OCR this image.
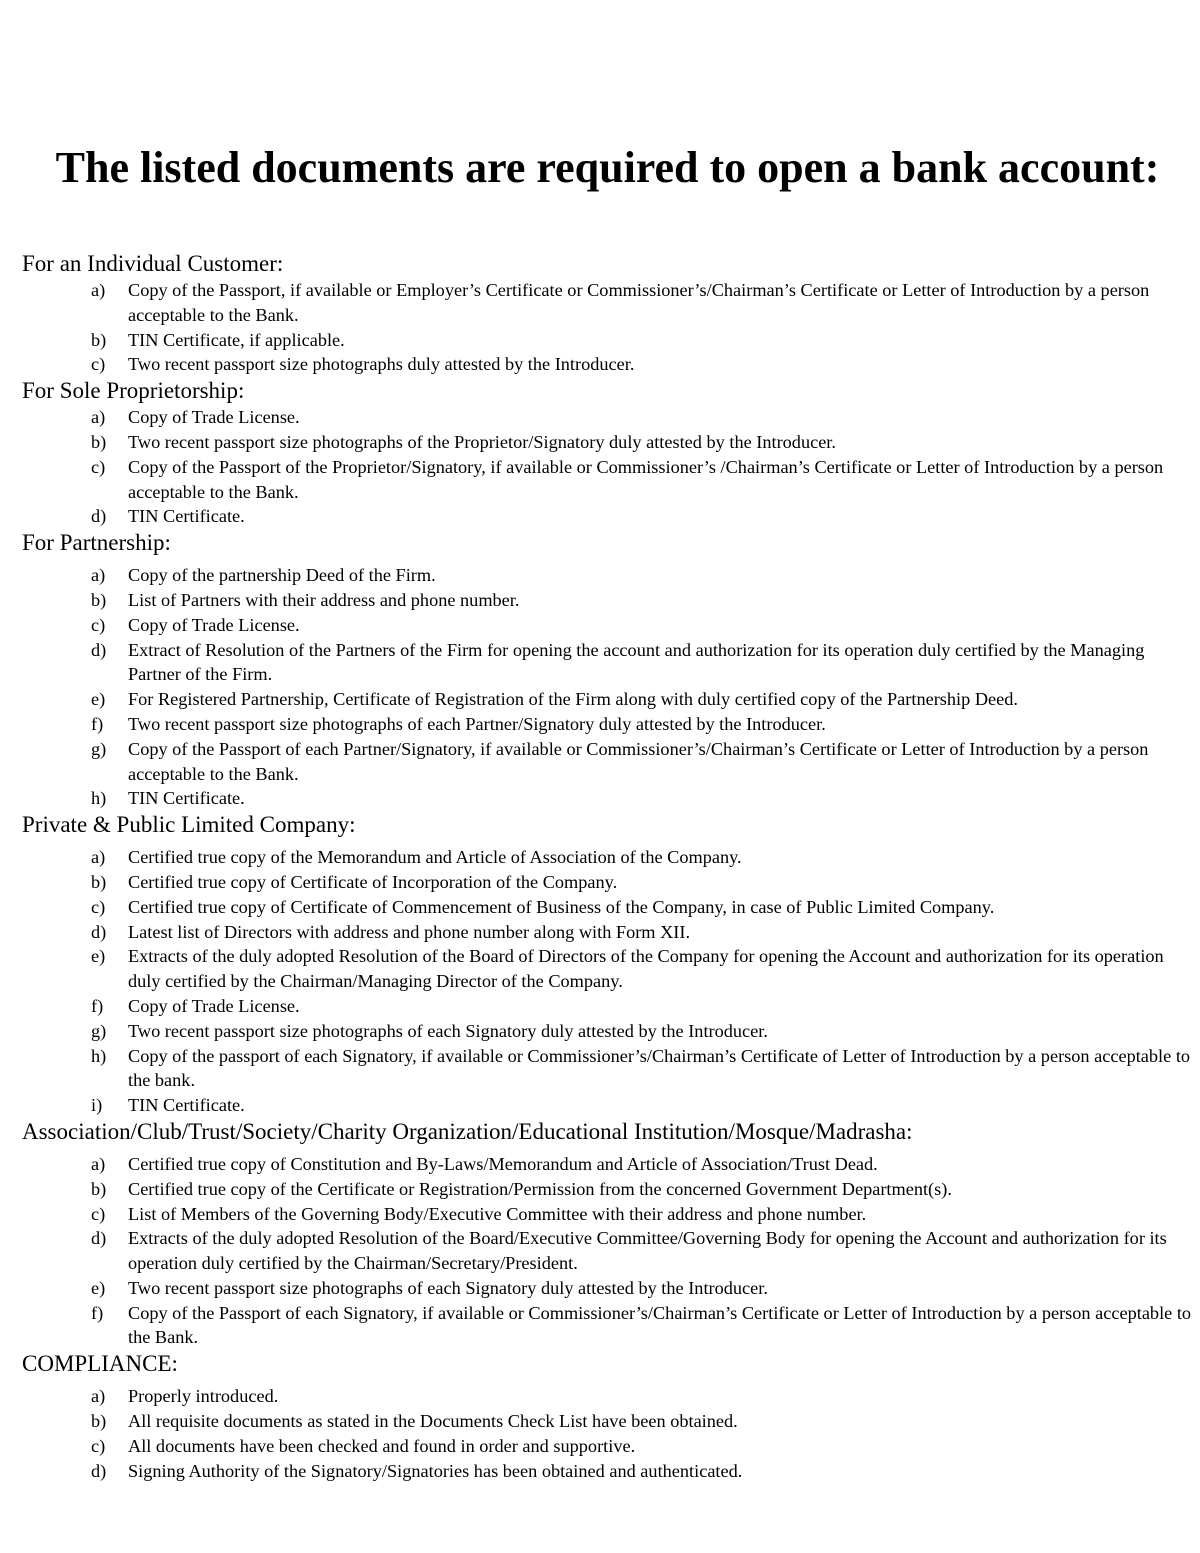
The listed documents are required to open a bank account:
For an Individual Customer:
a)	Copy of the Passport, if available or Employer’s Certificate or Commissioner’s/Chairman’s Certificate or Letter of Introduction by a person acceptable to the Bank.
b)	TIN Certificate, if applicable.
c)	Two recent passport size photographs duly attested by the Introducer.
For Sole Proprietorship:
a)	Copy of Trade License.
b)	Two recent passport size photographs of the Proprietor/Signatory duly attested by the Introducer.
c)	Copy of the Passport of the Proprietor/Signatory, if available or Commissioner’s /Chairman’s Certificate or Letter of Introduction by a person acceptable to the Bank.
d)	TIN Certificate.
For Partnership:
a)	Copy of the partnership Deed of the Firm.
b)	List of Partners with their address and phone number.
c)	Copy of Trade License.
d)	Extract of Resolution of the Partners of the Firm for opening the account and authorization for its operation duly certified by the Managing Partner of the Firm.
e)	For Registered Partnership, Certificate of Registration of the Firm along with duly certified copy of the Partnership Deed.
f)	Two recent passport size photographs of each Partner/Signatory duly attested by the Introducer.
g)	Copy of the Passport of each Partner/Signatory, if available or Commissioner’s/Chairman’s Certificate or Letter of Introduction by a person acceptable to the Bank.
h)	TIN Certificate.
Private & Public Limited Company:
a)	Certified true copy of the Memorandum and Article of Association of the Company.
b)	Certified true copy of Certificate of Incorporation of the Company.
c)	Certified true copy of Certificate of Commencement of Business of the Company, in case of Public Limited Company.
d)	Latest list of Directors with address and phone number along with Form XII.
e)	Extracts of the duly adopted Resolution of the Board of Directors of the Company for opening the Account and authorization for its operation duly certified by the Chairman/Managing Director of the Company.
f)	Copy of Trade License.
g)	Two recent passport size photographs of each Signatory duly attested by the Introducer.
h)	Copy of the passport of each Signatory, if available or Commissioner’s/Chairman’s Certificate of Letter of Introduction by a person acceptable to the bank.
i)	TIN Certificate.
Association/Club/Trust/Society/Charity Organization/Educational Institution/Mosque/Madrasha:
a)	Certified true copy of Constitution and By-Laws/Memorandum and Article of Association/Trust Dead.
b)	Certified true copy of the Certificate or Registration/Permission from the concerned Government Department(s).
c)	List of Members of the Governing Body/Executive Committee with their address and phone number.
d)	Extracts of the duly adopted Resolution of the Board/Executive Committee/Governing Body for opening the Account and authorization for its operation duly certified by the Chairman/Secretary/President.
e)	Two recent passport size photographs of each Signatory duly attested by the Introducer.
f)	Copy of the Passport of each Signatory, if available or Commissioner’s/Chairman’s Certificate or Letter of Introduction by a person acceptable to the Bank.
COMPLIANCE:
a)	Properly introduced.
b)	All requisite documents as stated in the Documents Check List have been obtained.
c)	All documents have been checked and found in order and supportive.
d)	Signing Authority of the Signatory/Signatories has been obtained and authenticated.
